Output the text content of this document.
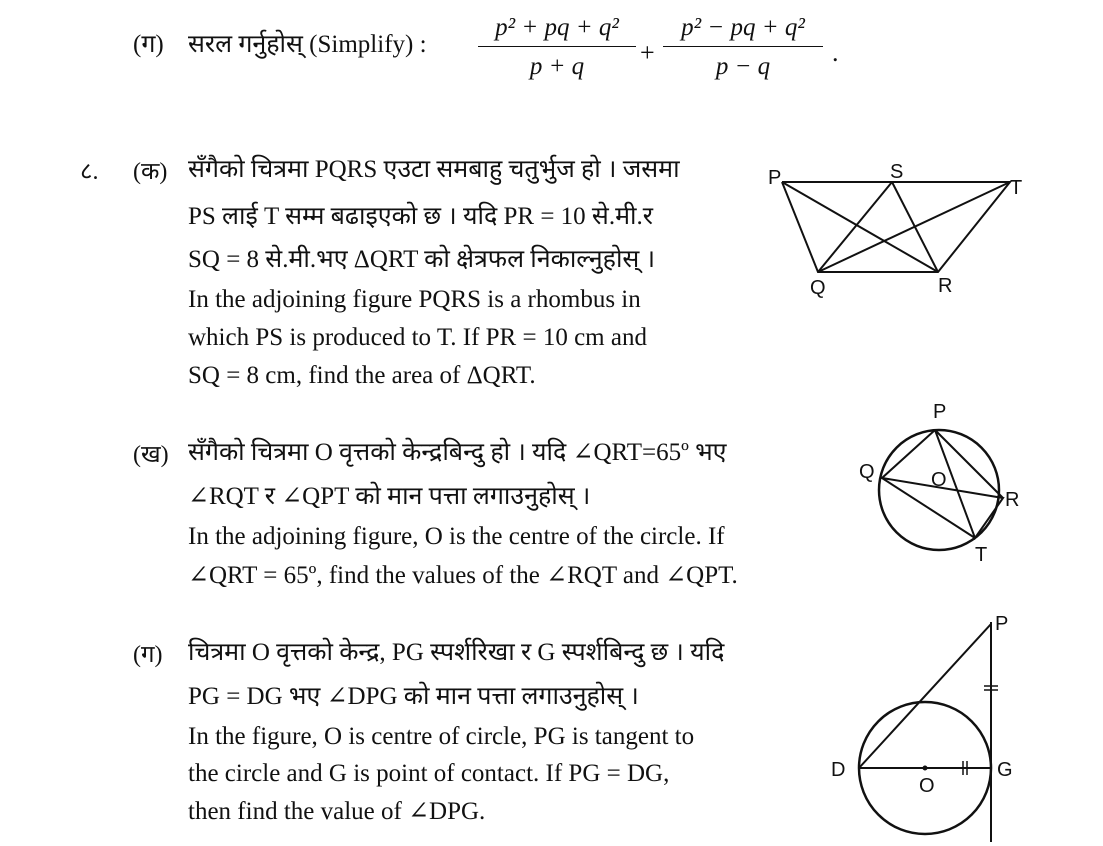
(ग) सरल गर्नुहोस् (Simplify) :
p² + pq + q²
p + q	+
p² − pq + q²
p − q	.
८. (क) सँगैको चित्रमा PQRS एउटा समबाहु चतुर्भुज हो । जसमा
PS लाई T सम्म बढाइएको छ । यदि PR = 10 से.मी.र
SQ = 8 से.मी.भए ΔQRT को क्षेत्रफल निकाल्नुहोस् ।
In the adjoining figure PQRS is a rhombus in
which PS is produced to T. If PR = 10 cm and
SQ = 8 cm, find the area of ΔQRT.
P	S
T
Q	R
(ख) सँगैको चित्रमा O वृत्तको केन्द्रबिन्दु हो । यदि ∠QRT=65º भए
∠RQT र ∠QPT को मान पत्ता लगाउनुहोस् ।
In the adjoining figure, O is the centre of the circle. If
∠QRT = 65º, find the values of the ∠RQT and ∠QPT.
P
Q	O
R
T
(ग) चित्रमा O वृत्तको केन्द्र, PG स्पर्शरिखा र G स्पर्शबिन्दु छ । यदि
PG = DG भए ∠DPG को मान पत्ता लगाउनुहोस् ।
In the figure, O is centre of circle, PG is tangent to
the circle and G is point of contact. If PG = DG,
then find the value of ∠DPG.
P
D
O
G
